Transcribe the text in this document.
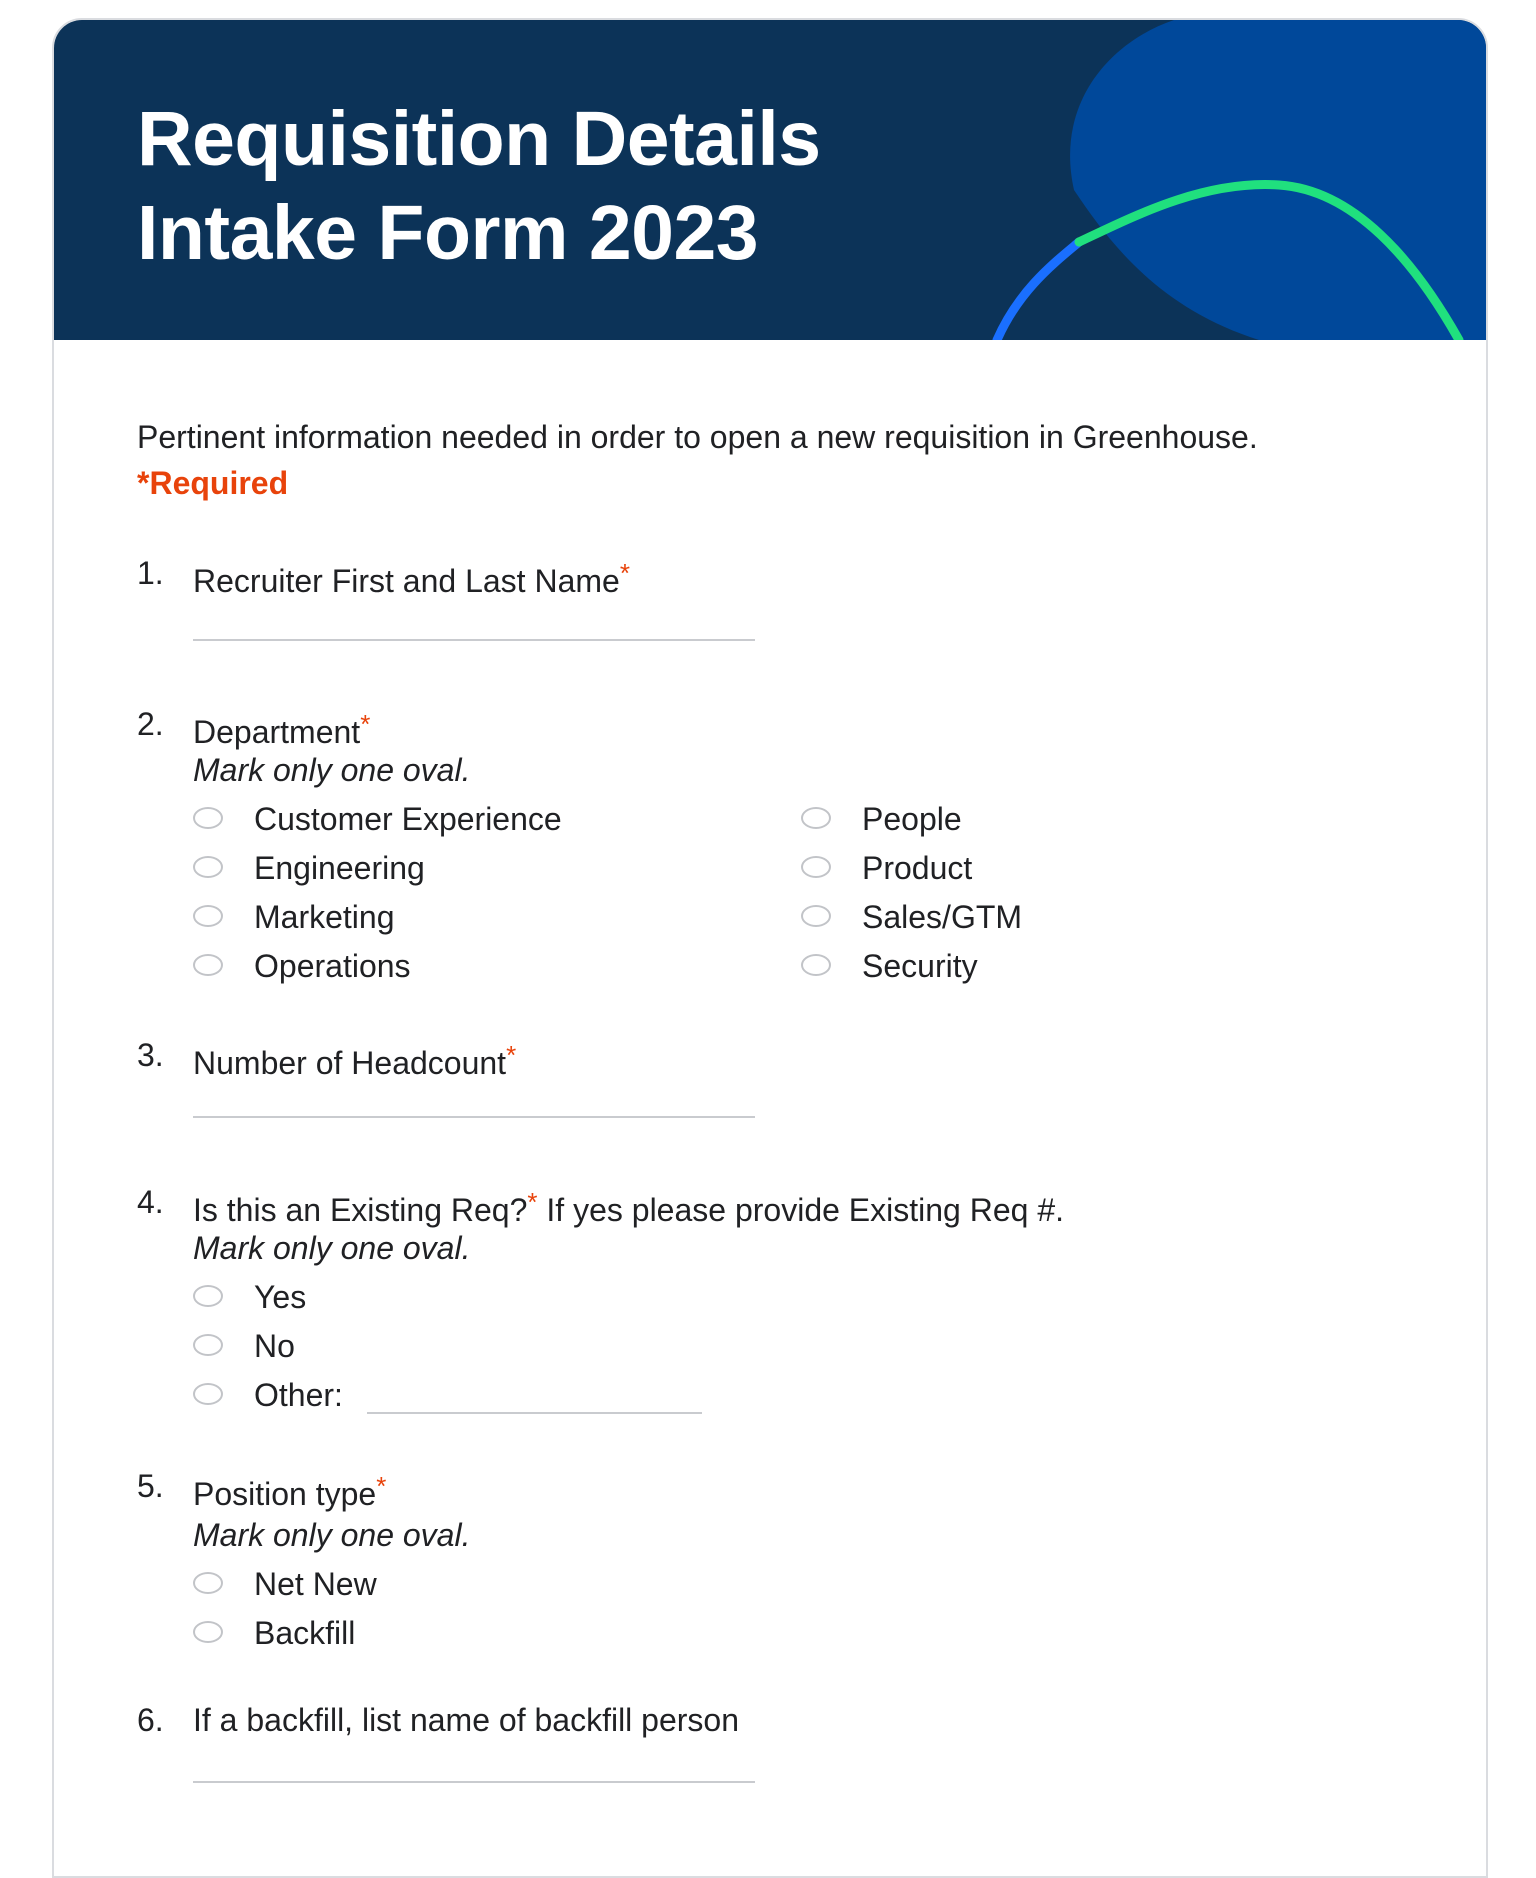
Requisition Details
Intake Form 2023
Pertinent information needed in order to open a new requisition in Greenhouse.
*Required
1. Recruiter First and Last Name*
2. Department*
Mark only one oval.
Customer Experience
Engineering
Marketing
Operations
People
Product
Sales/GTM
Security
3. Number of Headcount*
4. Is this an Existing Req?* If yes please provide Existing Req #.
Mark only one oval.
Yes
No
Other:
5. Position type*
Mark only one oval.
Net New
Backfill
6. If a backfill, list name of backfill person
